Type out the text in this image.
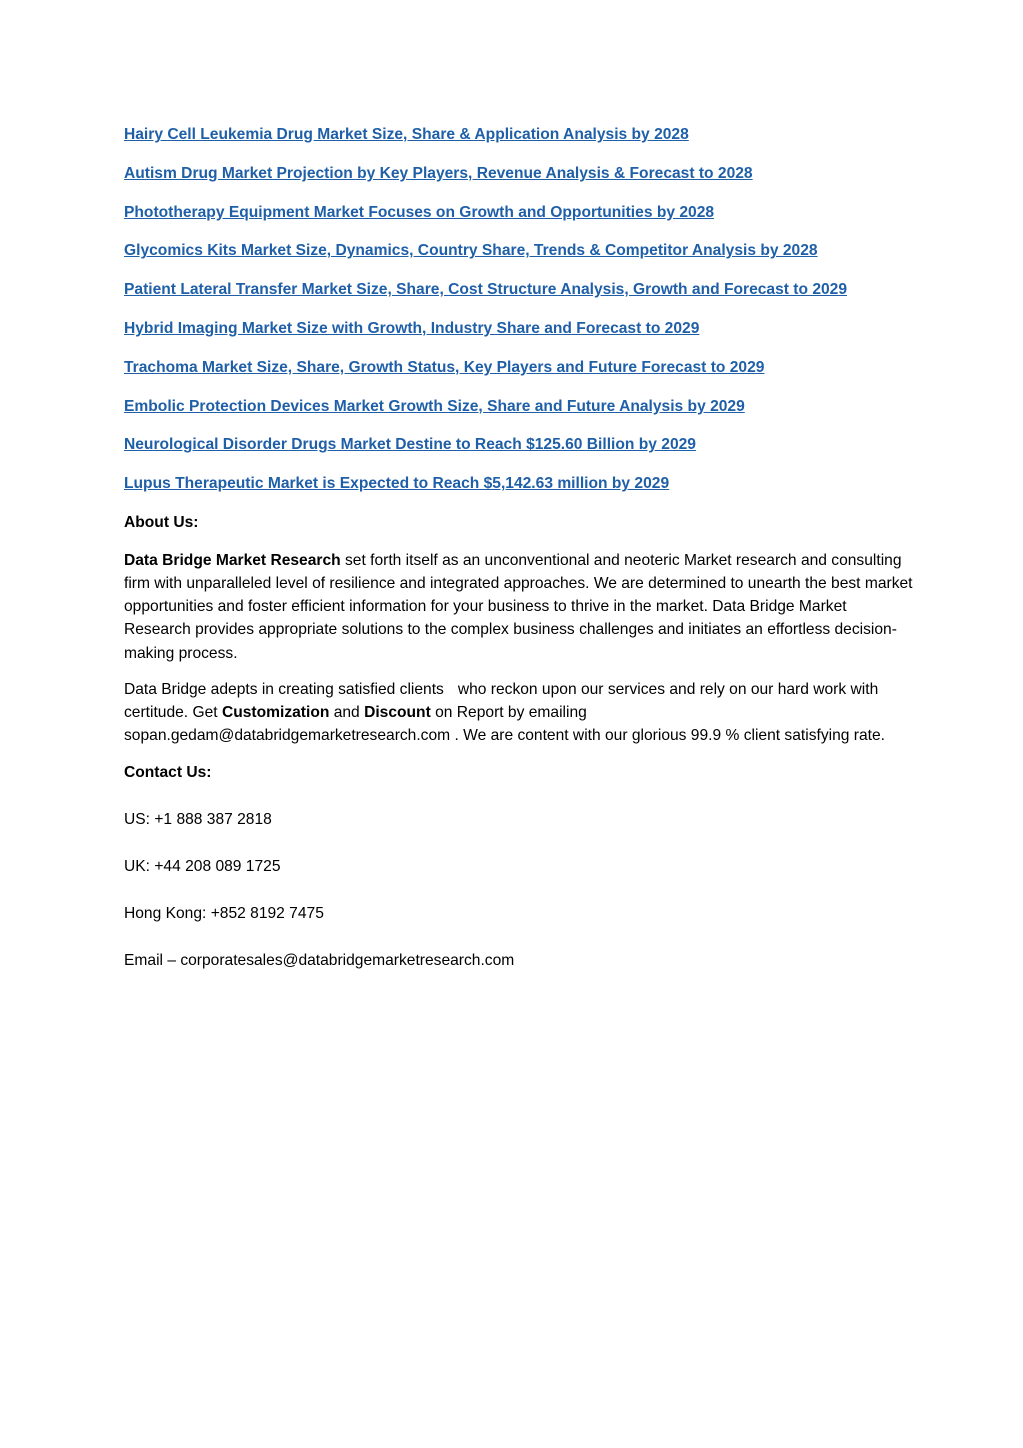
Hairy Cell Leukemia Drug Market Size, Share & Application Analysis by 2028
Autism Drug Market Projection by Key Players, Revenue Analysis & Forecast to 2028
Phototherapy Equipment Market Focuses on Growth and Opportunities by 2028
Glycomics Kits Market Size, Dynamics, Country Share, Trends & Competitor Analysis by 2028
Patient Lateral Transfer Market Size, Share, Cost Structure Analysis, Growth and Forecast to 2029
Hybrid Imaging Market Size with Growth, Industry Share and Forecast to 2029
Trachoma Market Size, Share, Growth Status, Key Players and Future Forecast to 2029
Embolic Protection Devices Market Growth Size, Share and Future Analysis by 2029
Neurological Disorder Drugs Market Destine to Reach $125.60 Billion by 2029
Lupus Therapeutic Market is Expected to Reach $5,142.63 million by 2029
About Us:

Data Bridge Market Research set forth itself as an unconventional and neoteric Market research and consulting firm with unparalleled level of resilience and integrated approaches. We are determined to unearth the best market opportunities and foster efficient information for your business to thrive in the market. Data Bridge Market Research provides appropriate solutions to the complex business challenges and initiates an effortless decision-making process.

Data Bridge adepts in creating satisfied clients who reckon upon our services and rely on our hard work with certitude. Get Customization and Discount on Report by emailing sopan.gedam@databridgemarketresearch.com . We are content with our glorious 99.9 % client satisfying rate.

Contact Us:
US: +1 888 387 2818
UK: +44 208 089 1725
Hong Kong: +852 8192 7475
Email – corporatesales@databridgemarketresearch.com
